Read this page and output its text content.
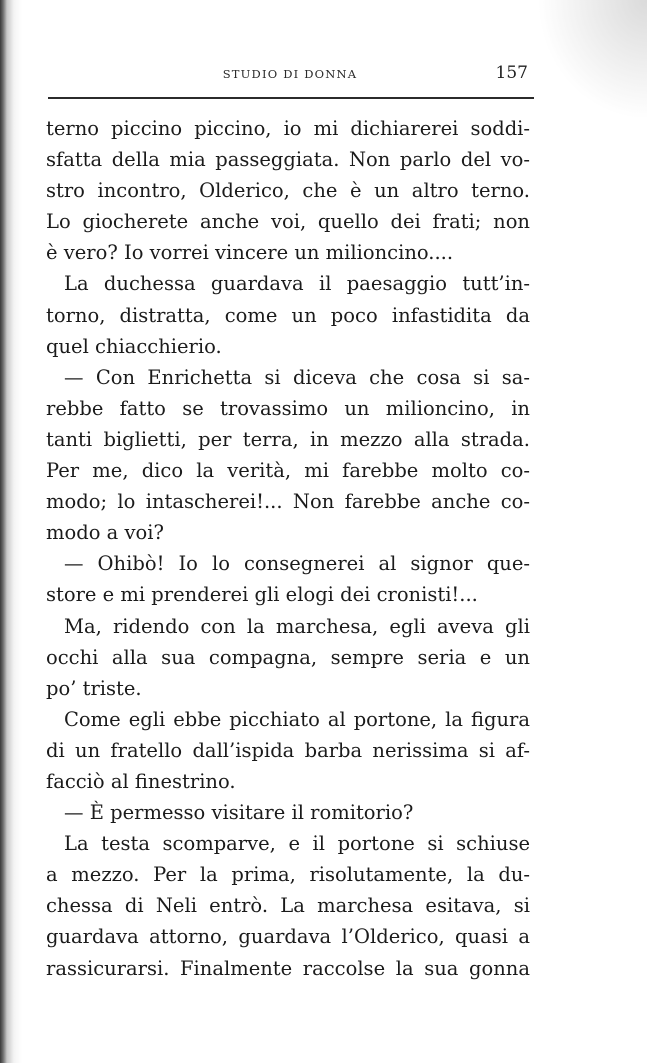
STUDIO DI DONNA	157
terno piccino piccino, io mi dichiarerei soddi-
sfatta della mia passeggiata. Non parlo del vo-
stro incontro, Olderico, che è un altro terno.
Lo giocherete anche voi, quello dei frati; non
è vero? Io vorrei vincere un milioncino....
La duchessa guardava il paesaggio tutt’in-
torno, distratta, come un poco infastidita da
quel chiacchierio.
— Con Enrichetta si diceva che cosa si sa-
rebbe fatto se trovassimo un milioncino, in
tanti biglietti, per terra, in mezzo alla strada.
Per me, dico la verità, mi farebbe molto co-
modo; lo intascherei!... Non farebbe anche co-
modo a voi?
— Ohibò! Io lo consegnerei al signor que-
store e mi prenderei gli elogi dei cronisti!...
Ma, ridendo con la marchesa, egli aveva gli
occhi alla sua compagna, sempre seria e un
po’ triste.
Come egli ebbe picchiato al portone, la figura
di un fratello dall’ispida barba nerissima si af-
facciò al finestrino.
— È permesso visitare il romitorio?
La testa scomparve, e il portone si schiuse
a mezzo. Per la prima, risolutamente, la du-
chessa di Neli entrò. La marchesa esitava, si
guardava attorno, guardava l’Olderico, quasi a
rassicurarsi. Finalmente raccolse la sua gonna
